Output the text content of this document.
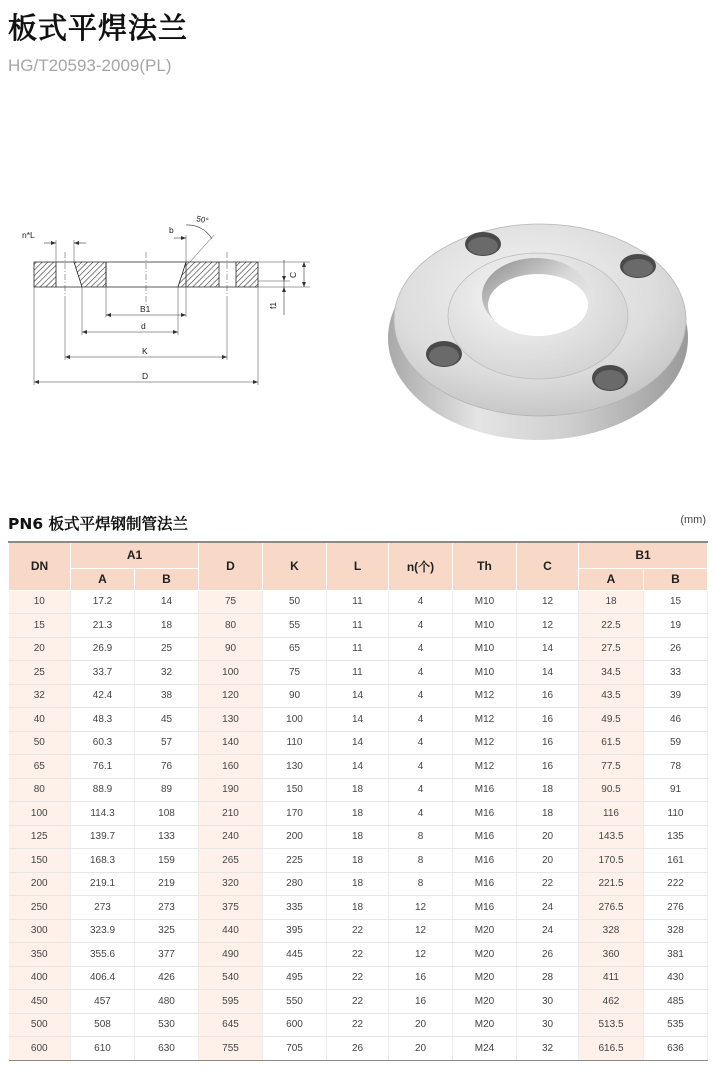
板式平焊法兰
HG/T20593-2009(PL)
B1
d
K
D
n*L	b
50°
C
f1
PN6 板式平焊钢制管法兰	(mm)
DN	A1		D	K	L	n(个)	Th	C	B1	
	A	B							A	B
10	17.2	14	75	50	11	4	M10	12	18	15
15	21.3	18	80	55	11	4	M10	12	22.5	19
20	26.9	25	90	65	11	4	M10	14	27.5	26
25	33.7	32	100	75	11	4	M10	14	34.5	33
32	42.4	38	120	90	14	4	M12	16	43.5	39
40	48.3	45	130	100	14	4	M12	16	49.5	46
50	60.3	57	140	110	14	4	M12	16	61.5	59
65	76.1	76	160	130	14	4	M12	16	77.5	78
80	88.9	89	190	150	18	4	M16	18	90.5	91
100	114.3	108	210	170	18	4	M16	18	116	110
125	139.7	133	240	200	18	8	M16	20	143.5	135
150	168.3	159	265	225	18	8	M16	20	170.5	161
200	219.1	219	320	280	18	8	M16	22	221.5	222
250	273	273	375	335	18	12	M16	24	276.5	276
300	323.9	325	440	395	22	12	M20	24	328	328
350	355.6	377	490	445	22	12	M20	26	360	381
400	406.4	426	540	495	22	16	M20	28	411	430
450	457	480	595	550	22	16	M20	30	462	485
500	508	530	645	600	22	20	M20	30	513.5	535
600	610	630	755	705	26	20	M24	32	616.5	636
